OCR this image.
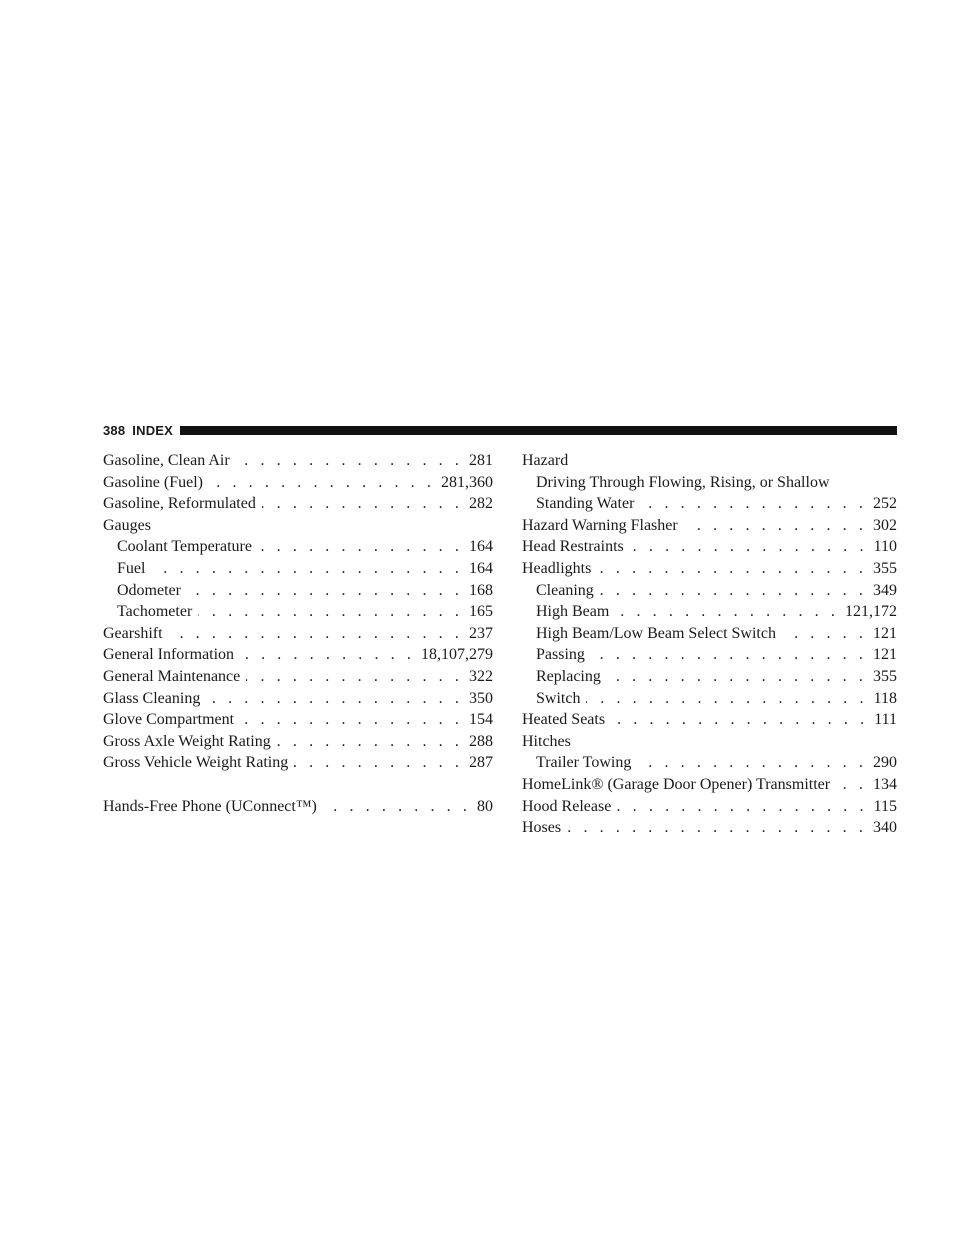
388 INDEX
Gasoline, Clean Air . . .	281
Gasoline (Fuel) . . .	281,360
Gasoline, Reformulated . . .	282
Gauges
Coolant Temperature . . .	164
Fuel . . .	164
Odometer . . .	168
Tachometer . . .	165
Gearshift . . .	237
General Information . . .	18,107,279
General Maintenance . . .	322
Glass Cleaning . . .	350
Glove Compartment . . .	154
Gross Axle Weight Rating . . .	288
Gross Vehicle Weight Rating . . .	287
Hands-Free Phone (UConnect™) . . .	80
Hazard
Driving Through Flowing, Rising, or Shallow
Standing Water . . .	252
Hazard Warning Flasher . . .	302
Head Restraints . . .	110
Headlights . . .	355
Cleaning . . .	349
High Beam . . .	121,172
High Beam/Low Beam Select Switch . . .	121
Passing . . .	121
Replacing . . .	355
Switch . . .	118
Heated Seats . . .	111
Hitches
Trailer Towing . . .	290
HomeLink® (Garage Door Opener) Transmitter . . .	134
Hood Release . . .	115
Hoses . . .	340
